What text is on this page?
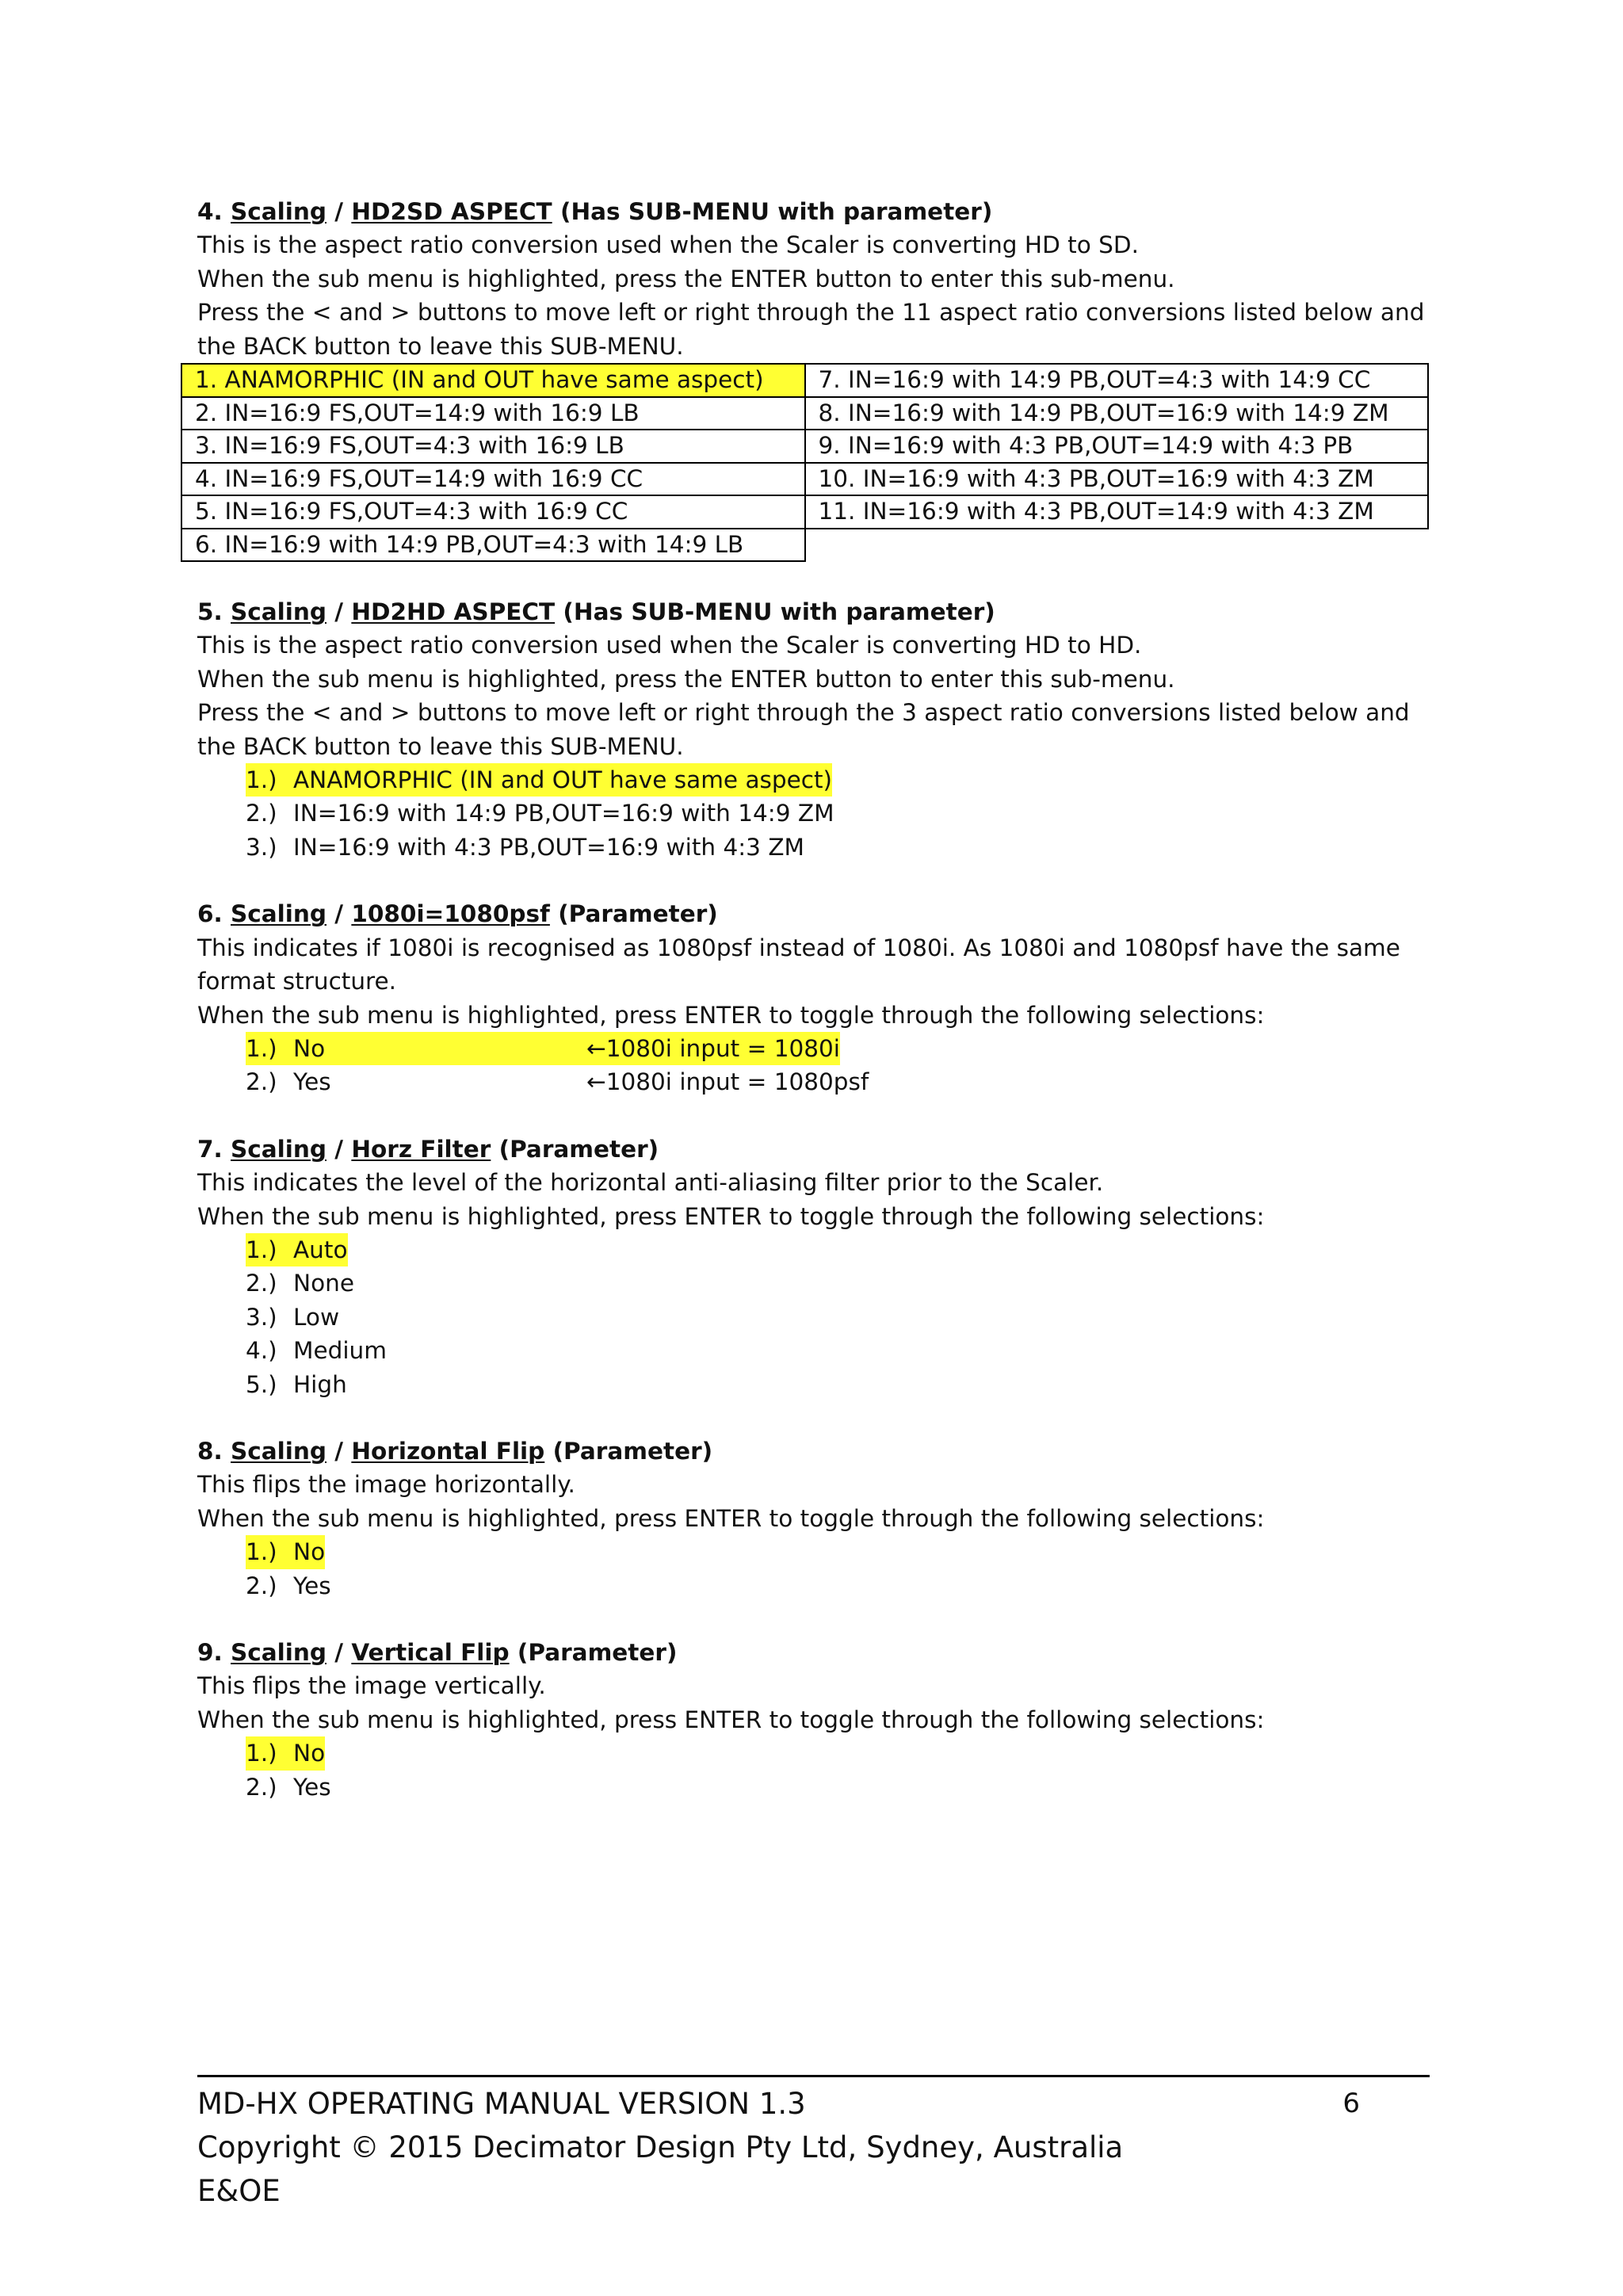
4. Scaling / HD2SD ASPECT (Has SUB-MENU with parameter)

This is the aspect ratio conversion used when the Scaler is converting HD to SD.

When the sub menu is highlighted, press the ENTER button to enter this sub-menu.

Press the < and > buttons to move left or right through the 11 aspect ratio conversions listed below and the BACK button to leave this SUB-MENU.

1. ANAMORPHIC (IN and OUT have same aspect)	7. IN=16:9 with 14:9 PB,OUT=4:3 with 14:9 CC
2. IN=16:9 FS,OUT=14:9 with 16:9 LB	8. IN=16:9 with 14:9 PB,OUT=16:9 with 14:9 ZM
3. IN=16:9 FS,OUT=4:3 with 16:9 LB	9. IN=16:9 with 4:3 PB,OUT=14:9 with 4:3 PB
4. IN=16:9 FS,OUT=14:9 with 16:9 CC	10. IN=16:9 with 4:3 PB,OUT=16:9 with 4:3 ZM
5. IN=16:9 FS,OUT=4:3 with 16:9 CC	11. IN=16:9 with 4:3 PB,OUT=14:9 with 4:3 ZM
6. IN=16:9 with 14:9 PB,OUT=4:3 with 14:9 LB	

5. Scaling / HD2HD ASPECT (Has SUB-MENU with parameter)

This is the aspect ratio conversion used when the Scaler is converting HD to HD.

When the sub menu is highlighted, press the ENTER button to enter this sub-menu.

Press the < and > buttons to move left or right through the 3 aspect ratio conversions listed below and the BACK button to leave this SUB-MENU.

1.) ANAMORPHIC (IN and OUT have same aspect)
2.) IN=16:9 with 14:9 PB,OUT=16:9 with 14:9 ZM
3.) IN=16:9 with 4:3 PB,OUT=16:9 with 4:3 ZM

6. Scaling / 1080i=1080psf (Parameter)

This indicates if 1080i is recognised as 1080psf instead of 1080i. As 1080i and 1080psf have the same format structure.

When the sub menu is highlighted, press ENTER to toggle through the following selections:

1.) No	←1080i input = 1080i
2.) Yes	←1080i input = 1080psf

7. Scaling / Horz Filter (Parameter)

This indicates the level of the horizontal anti-aliasing filter prior to the Scaler.

When the sub menu is highlighted, press ENTER to toggle through the following selections:

1.) Auto
2.) None
3.) Low
4.) Medium
5.) High

8. Scaling / Horizontal Flip (Parameter)

This flips the image horizontally.

When the sub menu is highlighted, press ENTER to toggle through the following selections:

1.) No
2.) Yes

9. Scaling / Vertical Flip (Parameter)

This flips the image vertically.

When the sub menu is highlighted, press ENTER to toggle through the following selections:

1.) No
2.) Yes
MD-HX OPERATING MANUAL VERSION 1.3
Copyright © 2015 Decimator Design Pty Ltd, Sydney, Australia
E&OE
6
